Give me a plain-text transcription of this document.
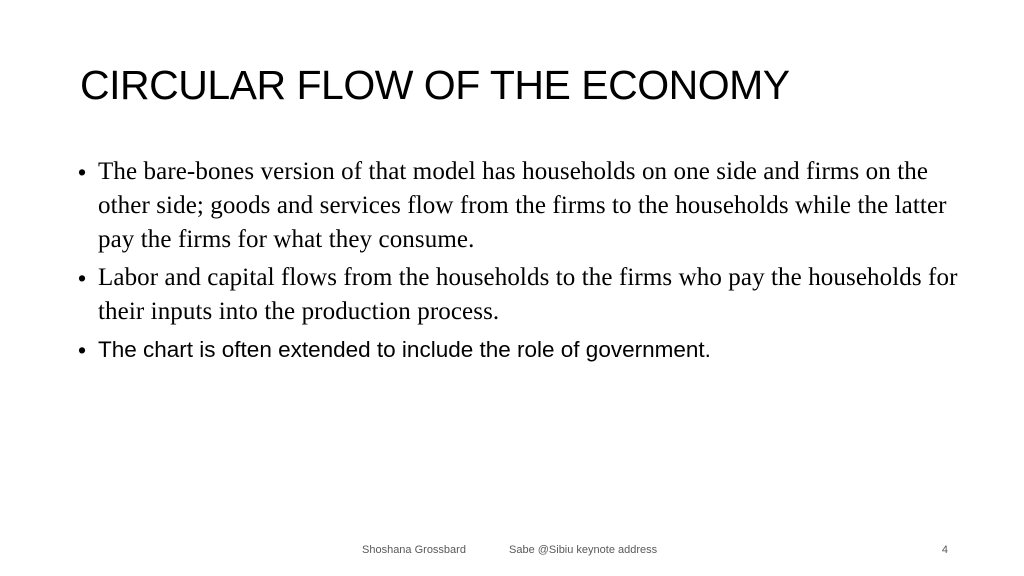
CIRCULAR FLOW OF THE ECONOMY
• The bare-bones version of that model has households on one side and firms on the other side; goods and services flow from the firms to the households while the latter pay the firms for what they consume.
• Labor and capital flows from the households to the firms who pay the households for their inputs into the production process.
• The chart is often extended to include the role of government.
Shoshana Grossbard	Sabe @Sibiu keynote address	4
